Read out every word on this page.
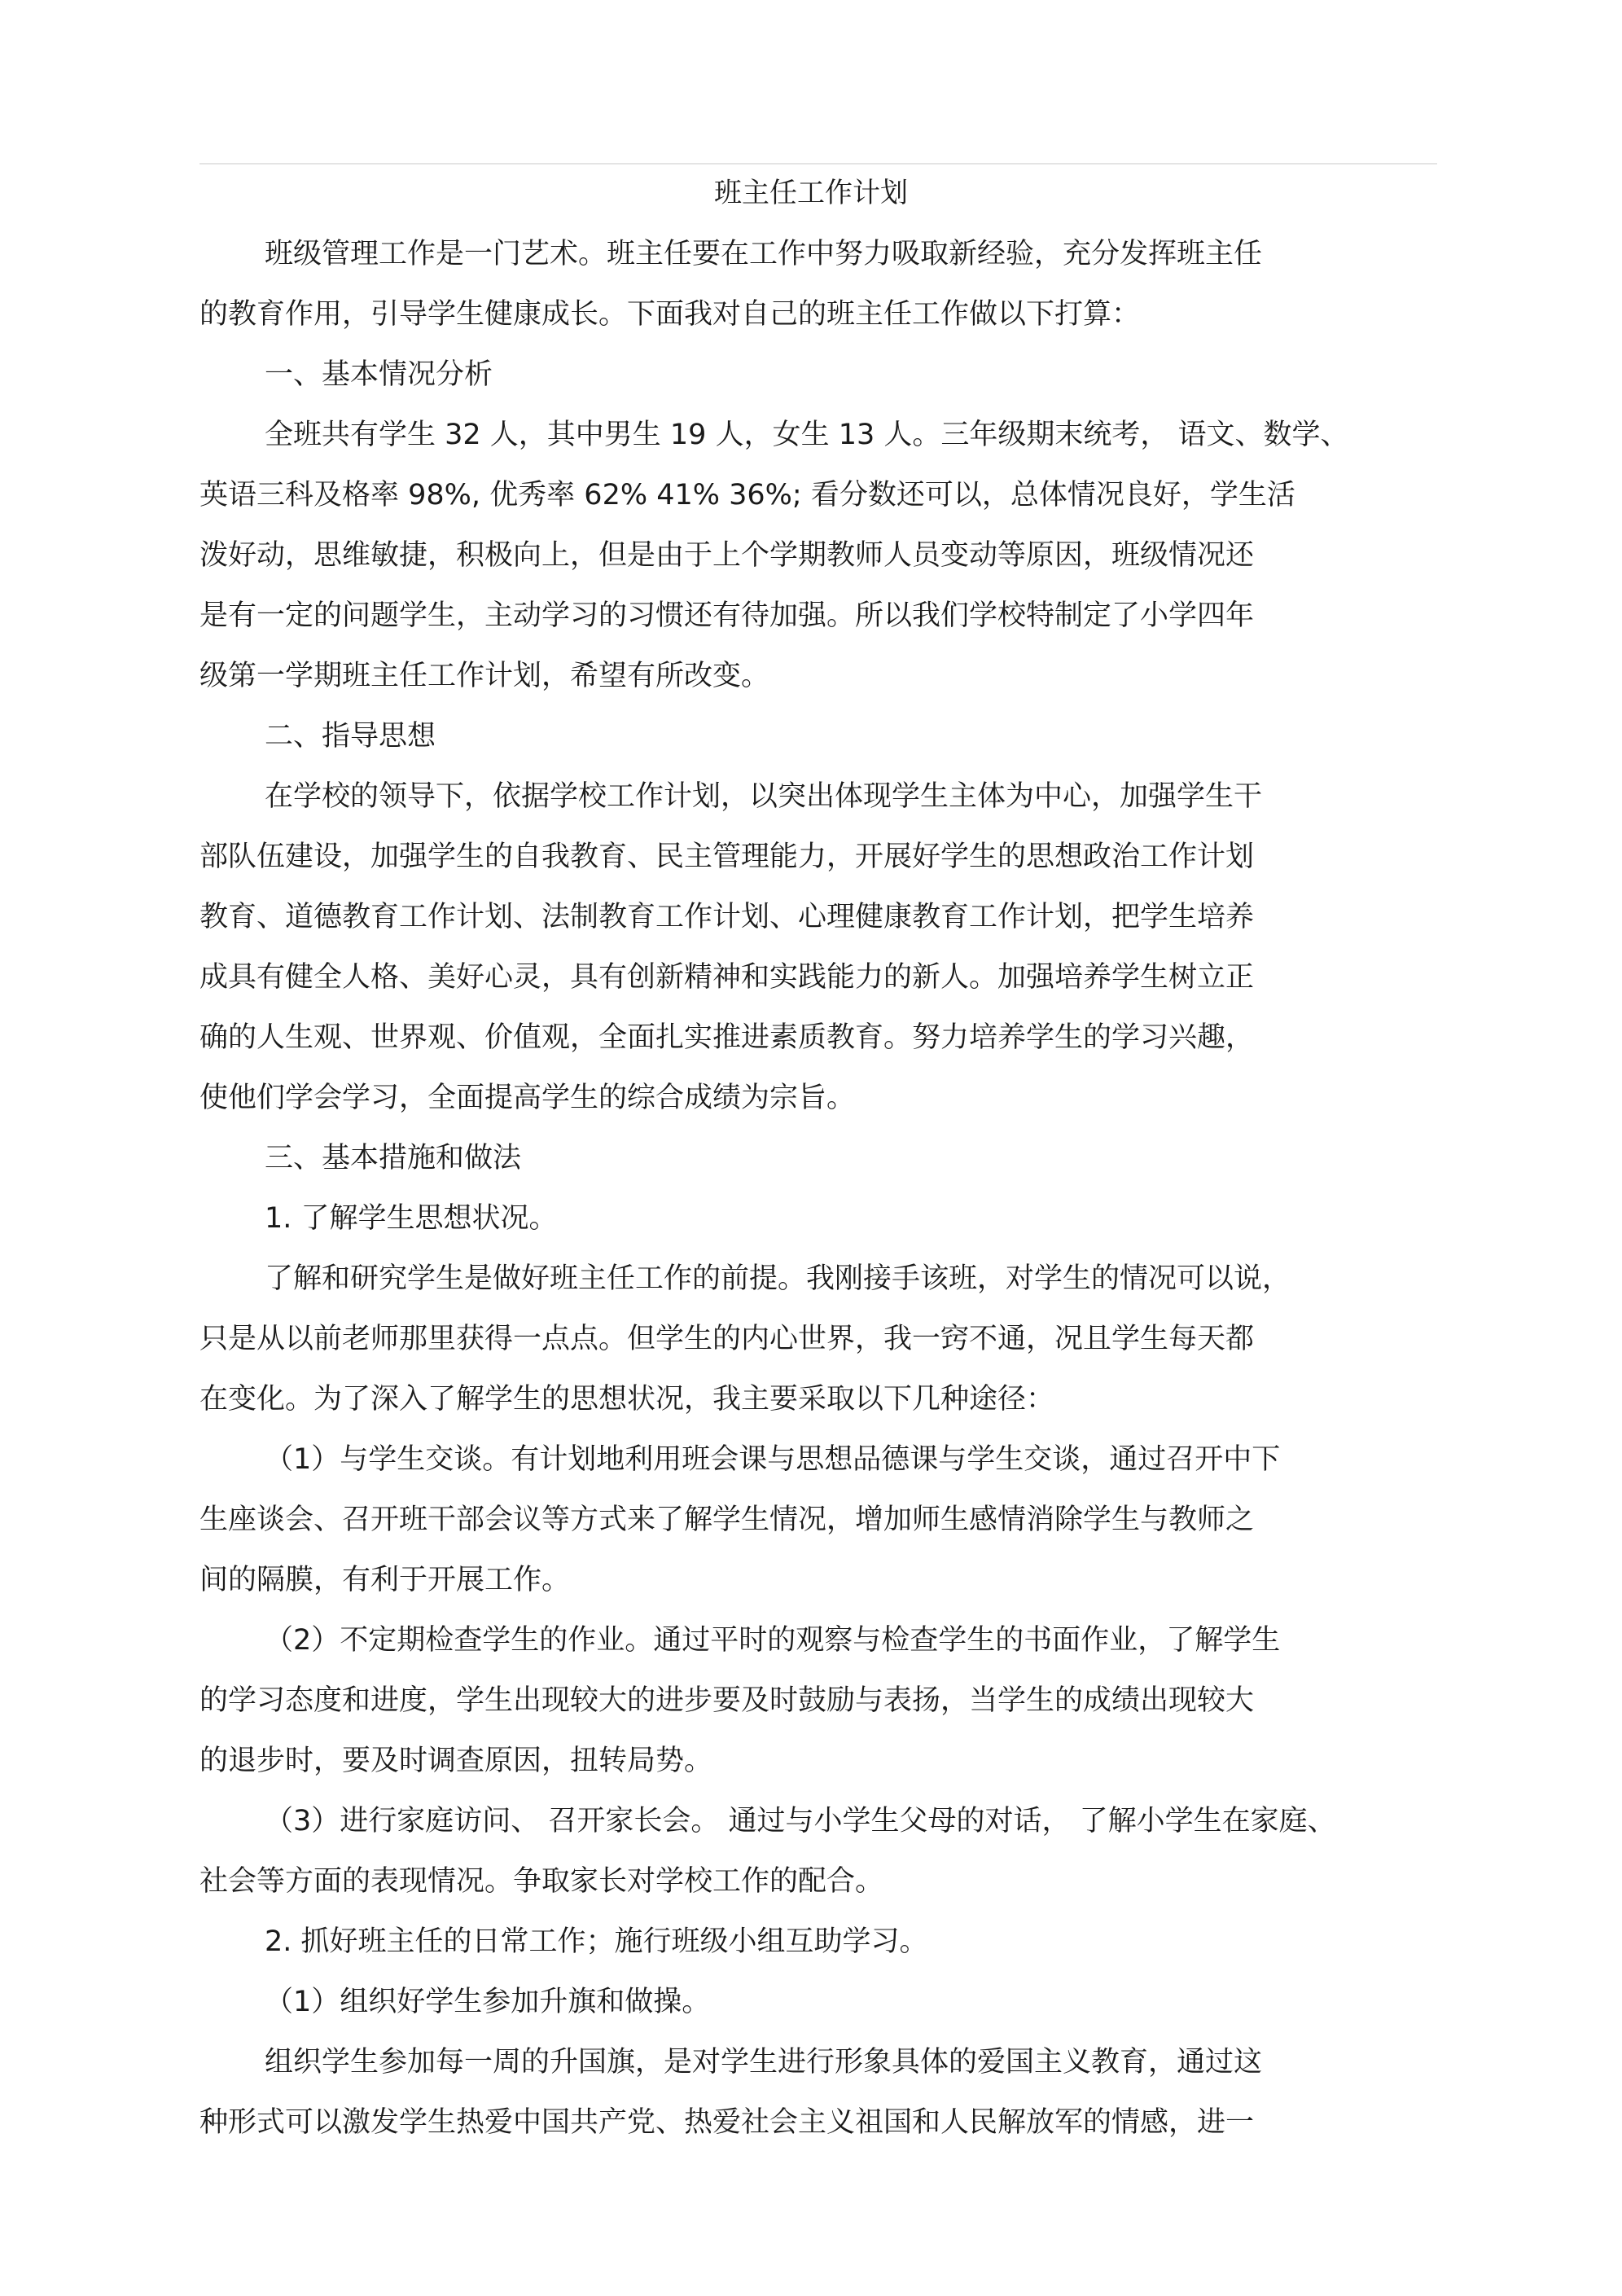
班主任工作计划
班级管理工作是一门艺术。班主任要在工作中努力吸取新经验，充分发挥班主任
的教育作用，引导学生健康成长。下面我对自己的班主任工作做以下打算：
一、基本情况分析
全班共有学生 32 人，其中男生 19 人，女生 13 人。三年级期末统考， 语文、数学、
英语三科及格率 98%, 优秀率 62% 41% 36%; 看分数还可以，总体情况良好，学生活
泼好动，思维敏捷，积极向上，但是由于上个学期教师人员变动等原因，班级情况还
是有一定的问题学生，主动学习的习惯还有待加强。所以我们学校特制定了小学四年
级第一学期班主任工作计划，希望有所改变。
二、指导思想
在学校的领导下，依据学校工作计划，以突出体现学生主体为中心，加强学生干
部队伍建设，加强学生的自我教育、民主管理能力，开展好学生的思想政治工作计划
教育、道德教育工作计划、法制教育工作计划、心理健康教育工作计划，把学生培养
成具有健全人格、美好心灵，具有创新精神和实践能力的新人。加强培养学生树立正
确的人生观、世界观、价值观，全面扎实推进素质教育。努力培养学生的学习兴趣，
使他们学会学习，全面提高学生的综合成绩为宗旨。
三、基本措施和做法
1. 了解学生思想状况。
了解和研究学生是做好班主任工作的前提。我刚接手该班，对学生的情况可以说，
只是从以前老师那里获得一点点。但学生的内心世界，我一窍不通，况且学生每天都
在变化。为了深入了解学生的思想状况，我主要采取以下几种途径：
（1）与学生交谈。有计划地利用班会课与思想品德课与学生交谈，通过召开中下
生座谈会、召开班干部会议等方式来了解学生情况，增加师生感情消除学生与教师之
间的隔膜，有利于开展工作。
（2）不定期检查学生的作业。通过平时的观察与检查学生的书面作业，了解学生
的学习态度和进度，学生出现较大的进步要及时鼓励与表扬，当学生的成绩出现较大
的退步时，要及时调查原因，扭转局势。
（3）进行家庭访问、 召开家长会。 通过与小学生父母的对话， 了解小学生在家庭、
社会等方面的表现情况。争取家长对学校工作的配合。
2. 抓好班主任的日常工作；施行班级小组互助学习。
（1）组织好学生参加升旗和做操。
组织学生参加每一周的升国旗，是对学生进行形象具体的爱国主义教育，通过这
种形式可以激发学生热爱中国共产党、热爱社会主义祖国和人民解放军的情感，进一
